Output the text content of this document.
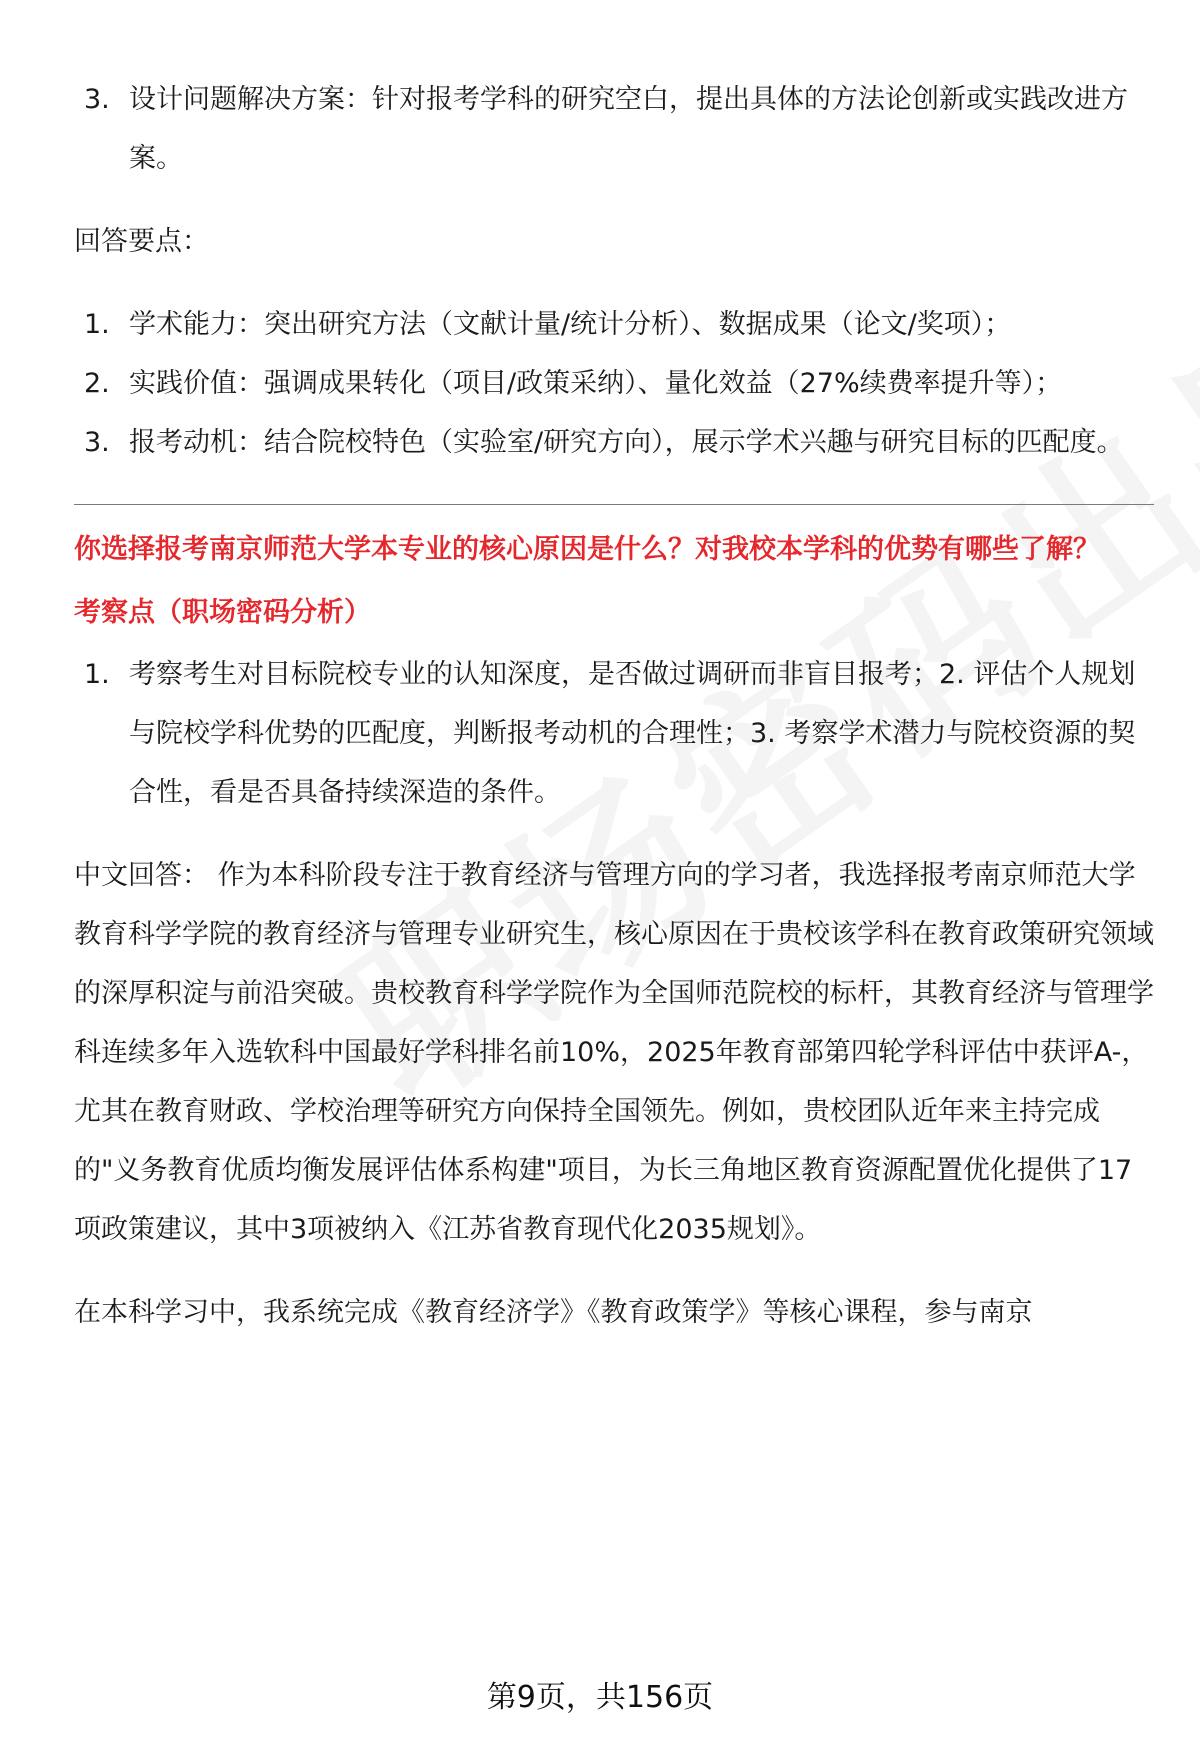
3. 设计问题解决方案：针对报考学科的研究空白，提出具体的方法论创新或实践改进方案。

回答要点：

1. 学术能力：突出研究方法（文献计量/统计分析）、数据成果（论文/奖项）；
2. 实践价值：强调成果转化（项目/政策采纳）、量化效益（27%续费率提升等）；
3. 报考动机：结合院校特色（实验室/研究方向），展示学术兴趣与研究目标的匹配度。

你选择报考南京师范大学本专业的核心原因是什么？对我校本学科的优势有哪些了解？

考察点（职场密码分析）

1. 考察考生对目标院校专业的认知深度，是否做过调研而非盲目报考；2. 评估个人规划与院校学科优势的匹配度，判断报考动机的合理性；3. 考察学术潜力与院校资源的契合性，看是否具备持续深造的条件。

中文回答： 作为本科阶段专注于教育经济与管理方向的学习者，我选择报考南京师范大学教育科学学院的教育经济与管理专业研究生，核心原因在于贵校该学科在教育政策研究领域的深厚积淀与前沿突破。贵校教育科学学院作为全国师范院校的标杆，其教育经济与管理学科连续多年入选软科中国最好学科排名前10%，2025年教育部第四轮学科评估中获评A-，尤其在教育财政、学校治理等研究方向保持全国领先。例如，贵校团队近年来主持完成的"义务教育优质均衡发展评估体系构建"项目，为长三角地区教育资源配置优化提供了17项政策建议，其中3项被纳入《江苏省教育现代化2035规划》。

在本科学习中，我系统完成《教育经济学》《教育政策学》等核心课程，参与南京

第9页，共156页
